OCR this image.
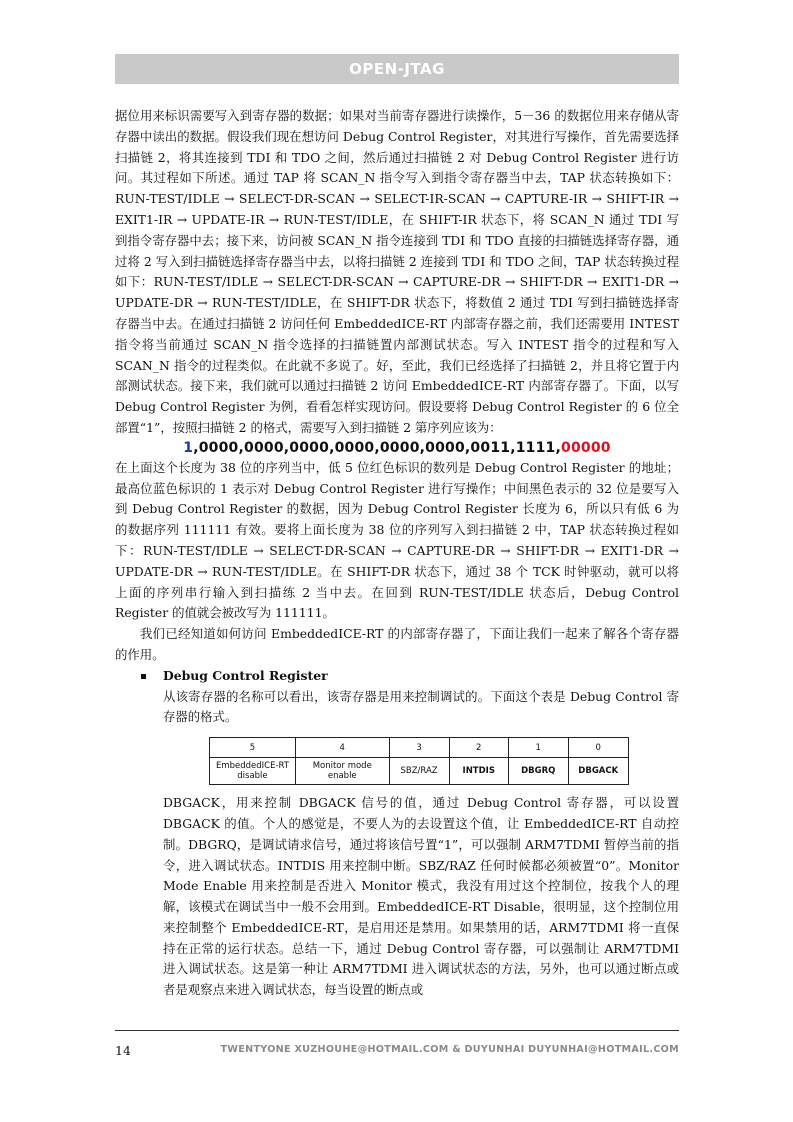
OPEN-JTAG

据位用来标识需要写入到寄存器的数据；如果对当前寄存器进行读操作，5－36 的数据位用来存储从寄存器中读出的数据。假设我们现在想访问 Debug Control Register，对其进行写操作，首先需要选择扫描链 2，将其连接到 TDI 和 TDO 之间，然后通过扫描链 2 对 Debug Control Register 进行访问。其过程如下所述。通过 TAP 将 SCAN_N 指令写入到指令寄存器当中去，TAP 状态转换如下：RUN-TEST/IDLE → SELECT-DR-SCAN → SELECT-IR-SCAN → CAPTURE-IR → SHIFT-IR → EXIT1-IR → UPDATE-IR → RUN-TEST/IDLE，在 SHIFT-IR 状态下，将 SCAN_N 通过 TDI 写到指令寄存器中去；接下来，访问被 SCAN_N 指令连接到 TDI 和 TDO 直接的扫描链选择寄存器，通过将 2 写入到扫描链选择寄存器当中去，以将扫描链 2 连接到 TDI 和 TDO 之间，TAP 状态转换过程如下：RUN-TEST/IDLE → SELECT-DR-SCAN → CAPTURE-DR → SHIFT-DR → EXIT1-DR → UPDATE-DR → RUN-TEST/IDLE，在 SHIFT-DR 状态下，将数值 2 通过 TDI 写到扫描链选择寄存器当中去。在通过扫描链 2 访问任何 EmbeddedICE-RT 内部寄存器之前，我们还需要用 INTEST 指令将当前通过 SCAN_N 指令选择的扫描链置内部测试状态。写入 INTEST 指令的过程和写入 SCAN_N 指令的过程类似。在此就不多说了。好，至此，我们已经选择了扫描链 2，并且将它置于内部测试状态。接下来，我们就可以通过扫描链 2 访问 EmbeddedICE-RT 内部寄存器了。下面，以写 Debug Control Register 为例，看看怎样实现访问。假设要将 Debug Control Register 的 6 位全部置“1”，按照扫描链 2 的格式，需要写入到扫描链 2 第序列应该为：

1,0000,0000,0000,0000,0000,0000,0011,1111,00000

在上面这个长度为 38 位的序列当中，低 5 位红色标识的数列是 Debug Control Register 的地址；最高位蓝色标识的 1 表示对 Debug Control Register 进行写操作；中间黑色表示的 32 位是要写入到 Debug Control Register 的数据，因为 Debug Control Register 长度为 6，所以只有低 6 为的数据序列 111111 有效。要将上面长度为 38 位的序列写入到扫描链 2 中，TAP 状态转换过程如下：RUN-TEST/IDLE → SELECT-DR-SCAN → CAPTURE-DR → SHIFT-DR → EXIT1-DR → UPDATE-DR → RUN-TEST/IDLE。在 SHIFT-DR 状态下，通过 38 个 TCK 时钟驱动，就可以将上面的序列串行输入到扫描练 2 当中去。在回到 RUN-TEST/IDLE 状态后，Debug Control Register 的值就会被改写为 111111。

我们已经知道如何访问 EmbeddedICE-RT 的内部寄存器了，下面让我们一起来了解各个寄存器的作用。

Debug Control Register

从该寄存器的名称可以看出，该寄存器是用来控制调试的。下面这个表是 Debug Control 寄存器的格式。

5	4	3	2	1	0
EmbeddedICE-RT
disable	Monitor mode
enable	SBZ/RAZ	INTDIS	DBGRQ	DBGACK

DBGACK，用来控制 DBGACK 信号的值，通过 Debug Control 寄存器，可以设置 DBGACK 的值。个人的感觉是，不要人为的去设置这个值，让 EmbeddedICE-RT 自动控制。DBGRQ，是调试请求信号，通过将该信号置“1”，可以强制 ARM7TDMI 暂停当前的指令，进入调试状态。INTDIS 用来控制中断。SBZ/RAZ 任何时候都必须被置“0”。Monitor Mode Enable 用来控制是否进入 Monitor 模式，我没有用过这个控制位，按我个人的理解，该模式在调试当中一般不会用到。EmbeddedICE-RT Disable，很明显，这个控制位用来控制整个 EmbeddedICE-RT，是启用还是禁用。如果禁用的话，ARM7TDMI 将一直保持在正常的运行状态。总结一下，通过 Debug Control 寄存器，可以强制让 ARM7TDMI 进入调试状态。这是第一种让 ARM7TDMI 进入调试状态的方法，另外，也可以通过断点或者是观察点来进入调试状态，每当设置的断点或

14	TWENTYONE XUZHOUHE@HOTMAIL.COM & DUYUNHAI DUYUNHAI@HOTMAIL.COM
